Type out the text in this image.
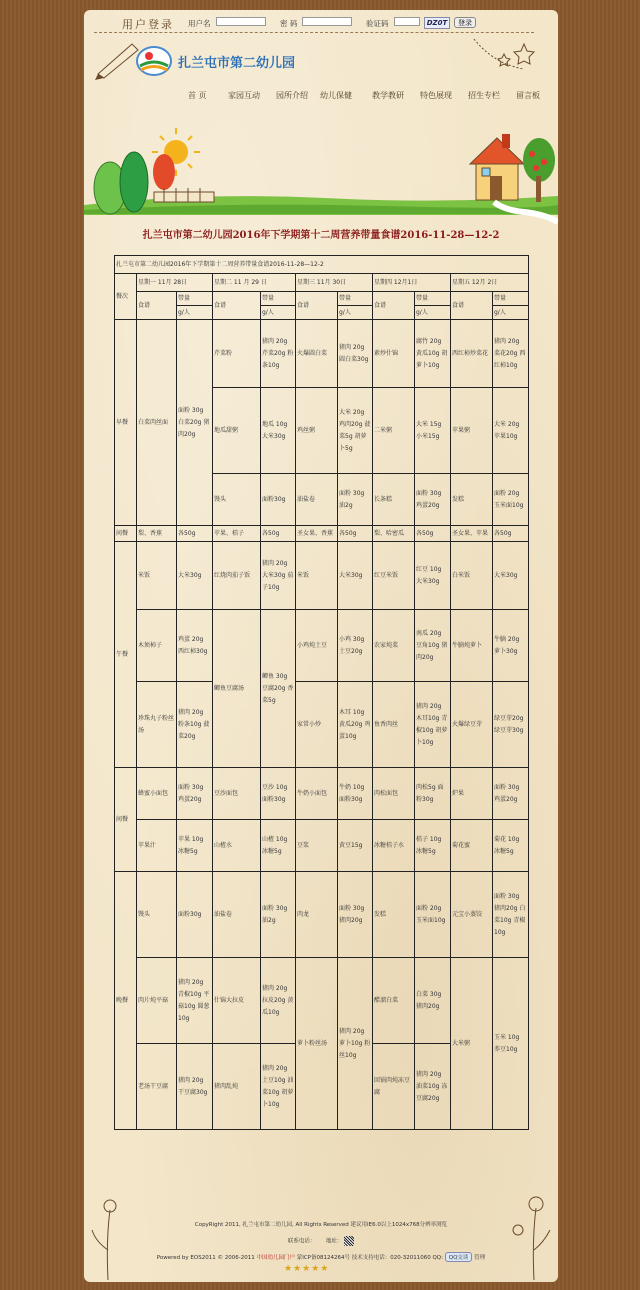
用户登录 用户名	密 码	验证码	DZ0T	登录
扎兰屯市第二幼儿园
首 页	家园互动 园所介绍 幼儿保健	教学教研 特色展现 招生专栏 留言板
扎兰屯市第二幼儿园2016年下学期第十二周营养带量食谱2016-11-28—12-2
扎兰屯市第二幼儿园2016年下学期第十二周营养带量食谱2016-11-28—12-2										
餐次	星期一 11月 28日		星期二 11 月 29 日		星期三 11月 30日		星期四 12月1日		星期五 12月 2日	
	食谱	带量	食谱	带量	食谱	带量	食谱	带量	食谱	带量
		g/人		g/人		g/人		g/人		g/人
早餐	白菜肉丝面	面粉 30g 白菜20g 猪肉20g	芹菜粉	猪肉 20g 芹菜20g 粉条10g	火爆圆白菜	猪肉 20g 圆白菜30g	素炒什锦	腐竹 20g 黄瓜10g 胡萝卜10g	西红柿炒菜花	猪肉 20g 菜花20g 西红柿10g
			地瓜甜粥	地瓜 10g 大米30g	鸡丝粥	大米 20g 鸡肉20g 菠菜5g 胡萝卜5g	二米粥	大米 15g 小米15g	苹果粥	大米 20g 苹果10g
			馒头	面粉30g	油盐卷	面粉 30g 油2g	长条糕	面粉 30g 鸡蛋20g	发糕	面粉 20g 玉米面10g
间餐	梨、香蕉	各50g	苹果、桔子	各50g	圣女果、香蕉	各50g	梨、哈密瓜	各50g	圣女果、苹果	各50g
午餐	米饭	大米30g	红烧肉茄子饭	猪肉 20g 大米30g 茄子10g	米饭	大米30g	红豆米饭	红豆 10g 大米30g	白米饭	大米30g
	木须柿子	鸡蛋 20g 西红柿30g	鲫鱼豆腐汤	鲫鱼 30g 豆腐20g 香菜5g	小鸡炖土豆	小鸡 30g 土豆20g	农家炖菜	南瓜 20g 豆角10g 猪肉20g	牛腩炖萝卜	牛腩 20g 萝卜30g
	珍珠丸子粉丝汤	猪肉 20g 粉条10g 菠菜20g			家常小炒	木耳 10g 黄瓜20g 鸡蛋10g	鱼香肉丝	猪肉 20g 木耳10g 青椒10g 胡萝卜10g	火爆绿豆芽	绿豆芽20g 绿豆芽30g
间餐	蜂蜜小面包	面粉 30g 鸡蛋20g	豆沙面包	豆沙 10g 面粉30g	牛奶小面包	牛奶 10g 面粉30g	肉松面包	肉松5g 面粉30g	炉果	面粉 30g 鸡蛋20g
	苹果汁	苹果 10g 冰糖5g	山楂水	山楂 10g 冰糖5g	豆浆	黄豆15g	冰糖桔子水	桔子 10g 冰糖5g	菊花蜜	菊花 10g 冰糖5g
晚餐	馒头	面粉30g	油盐卷	面粉 30g 油2g	肉龙	面粉 30g 猪肉20g	发糕	面粉 20g 玉米面10g	元宝小蒸饺	面粉 30g 猪肉20g 白菜10g 青椒10g
	肉片炖平菇	猪肉 20g 青椒10g 平菇10g 圆葱10g	什锦大拉皮	猪肉 20g 拉皮20g 黄瓜10g	萝卜粉丝汤	猪肉 20g 萝卜10g 粉丝10g	醋溜白菜	白菜 30g 猪肉20g	大米粥	玉米 10g 荞豆10g
	老汤干豆腐	猪肉 20g 干豆腐30g	猪肉乱炖	猪肉 20g 土豆10g 油菜10g 胡萝卜10g			回锅肉炖冻豆腐	猪肉 20g 油菜10g 冻豆腐20g		
CopyRight 2011, 扎兰屯市第二幼儿园, All Rights Reserved 建议用IE6.0以上1024x768分辨率浏览
联系电话： 地址：
Powered by EOS2011 © 2006-2011 中国幼儿园门户 蒙ICP备08124264号 技术支持电话：020-32011060 QQ: QQ交谈 管理
★★★★★
